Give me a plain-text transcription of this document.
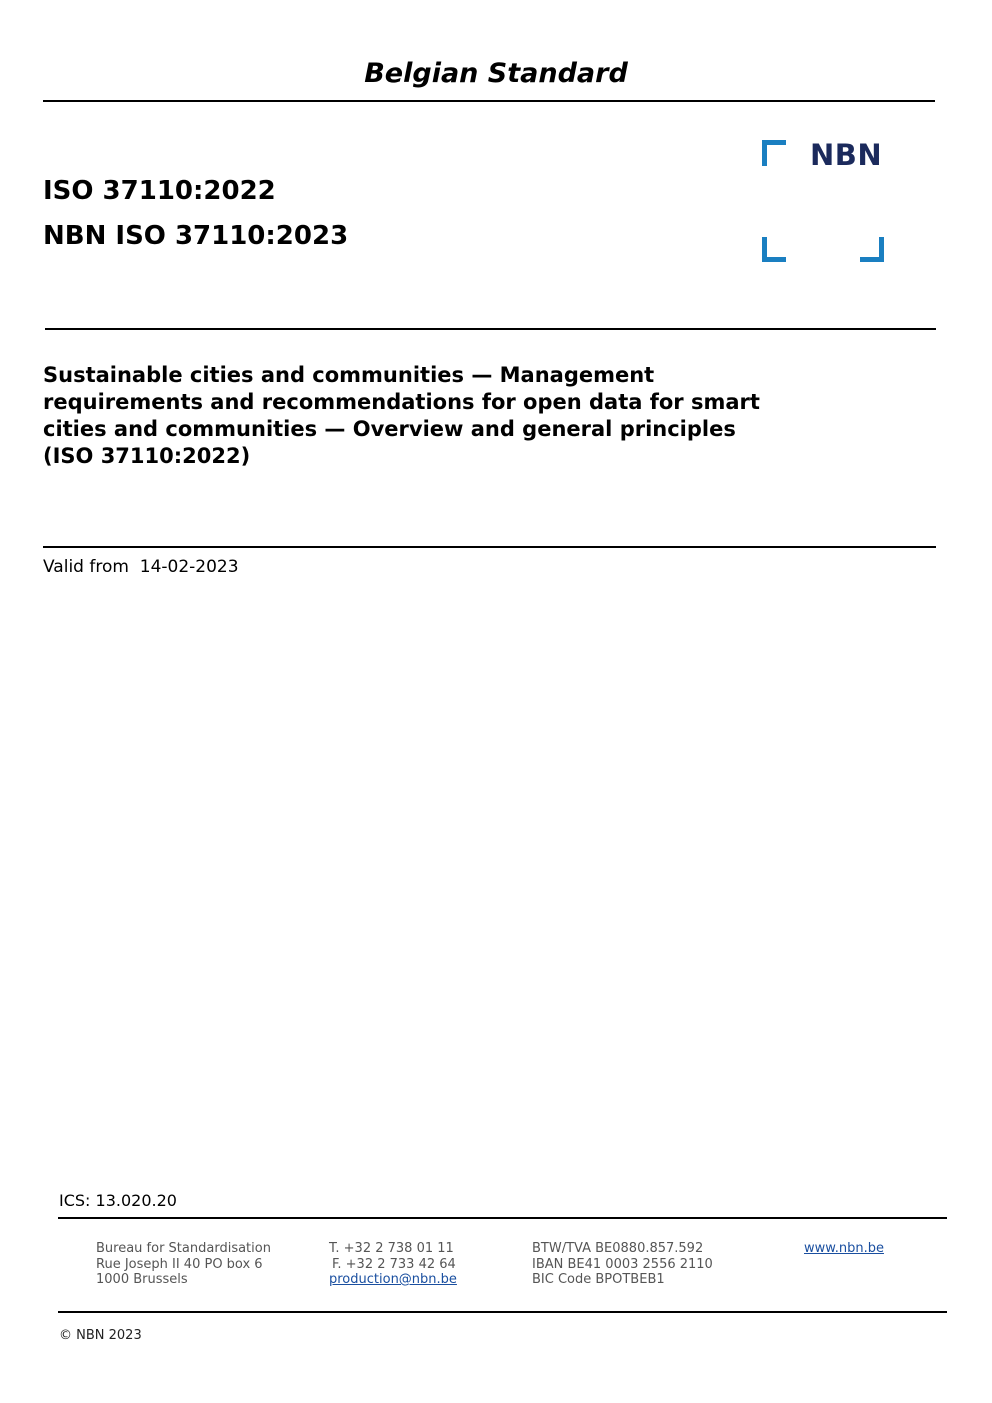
Belgian Standard
ISO 37110:2022
NBN ISO 37110:2023
NBN
Sustainable cities and communities — Management
requirements and recommendations for open data for smart
cities and communities — Overview and general principles
(ISO 37110:2022)
Valid from 14-02-2023
ICS: 13.020.20
Bureau for Standardisation
Rue Joseph II 40 PO box 6
1000 Brussels
T. +32 2 738 01 11
F. +32 2 733 42 64
production@nbn.be
BTW/TVA BE0880.857.592
IBAN BE41 0003 2556 2110
BIC Code BPOTBEB1
www.nbn.be
© NBN 2023
